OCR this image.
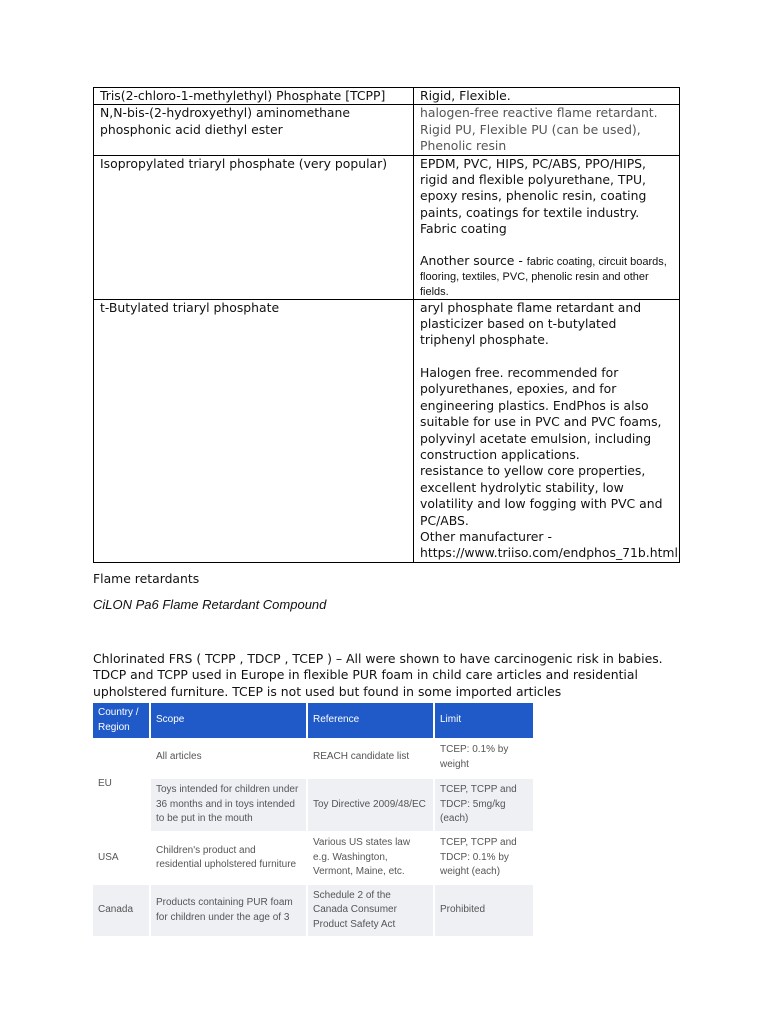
Tris(2-chloro-1-methylethyl) Phosphate [TCPP]	Rigid, Flexible.

N,N-bis-(2-hydroxyethyl) aminomethane phosphonic acid diethyl ester	halogen-free reactive flame retardant.

Rigid PU, Flexible PU (can be used),

Phenolic resin

Isopropylated triaryl phosphate (very popular)	EPDM, PVC, HIPS, PC/ABS, PPO/HIPS, rigid and flexible polyurethane, TPU, epoxy resins, phenolic resin, coating paints, coatings for textile industry.

Fabric coating

Another source - fabric coating, circuit boards, flooring, textiles, PVC, phenolic resin and other fields.

t-Butylated triaryl phosphate	aryl phosphate flame retardant and plasticizer based on t-butylated triphenyl phosphate.

Halogen free. recommended for polyurethanes, epoxies, and for engineering plastics. EndPhos is also suitable for use in PVC and PVC foams, polyvinyl acetate emulsion, including construction applications.

resistance to yellow core properties, excellent hydrolytic stability, low volatility and low fogging with PVC and PC/ABS.

Other manufacturer - https://www.triiso.com/endphos_71b.html

Flame retardants
CiLON Pa6 Flame Retardant Compound
Chlorinated FRS ( TCPP , TDCP , TCEP ) – All were shown to have carcinogenic risk in babies. TDCP and TCPP used in Europe in flexible PUR foam in child care articles and residential upholstered furniture. TCEP is not used but found in some imported articles
Country / Region	Scope	Reference	Limit
EU	All articles	REACH candidate list	TCEP: 0.1% by weight
	Toys intended for children under 36 months and in toys intended to be put in the mouth	Toy Directive 2009/48/EC	TCEP, TCPP and TDCP: 5mg/kg (each)
USA	Children's product and residential upholstered furniture	Various US states law e.g. Washington, Vermont, Maine, etc.	TCEP, TCPP and TDCP: 0.1% by weight (each)
Canada	Products containing PUR foam for children under the age of 3	Schedule 2 of the Canada Consumer Product Safety Act	Prohibited
